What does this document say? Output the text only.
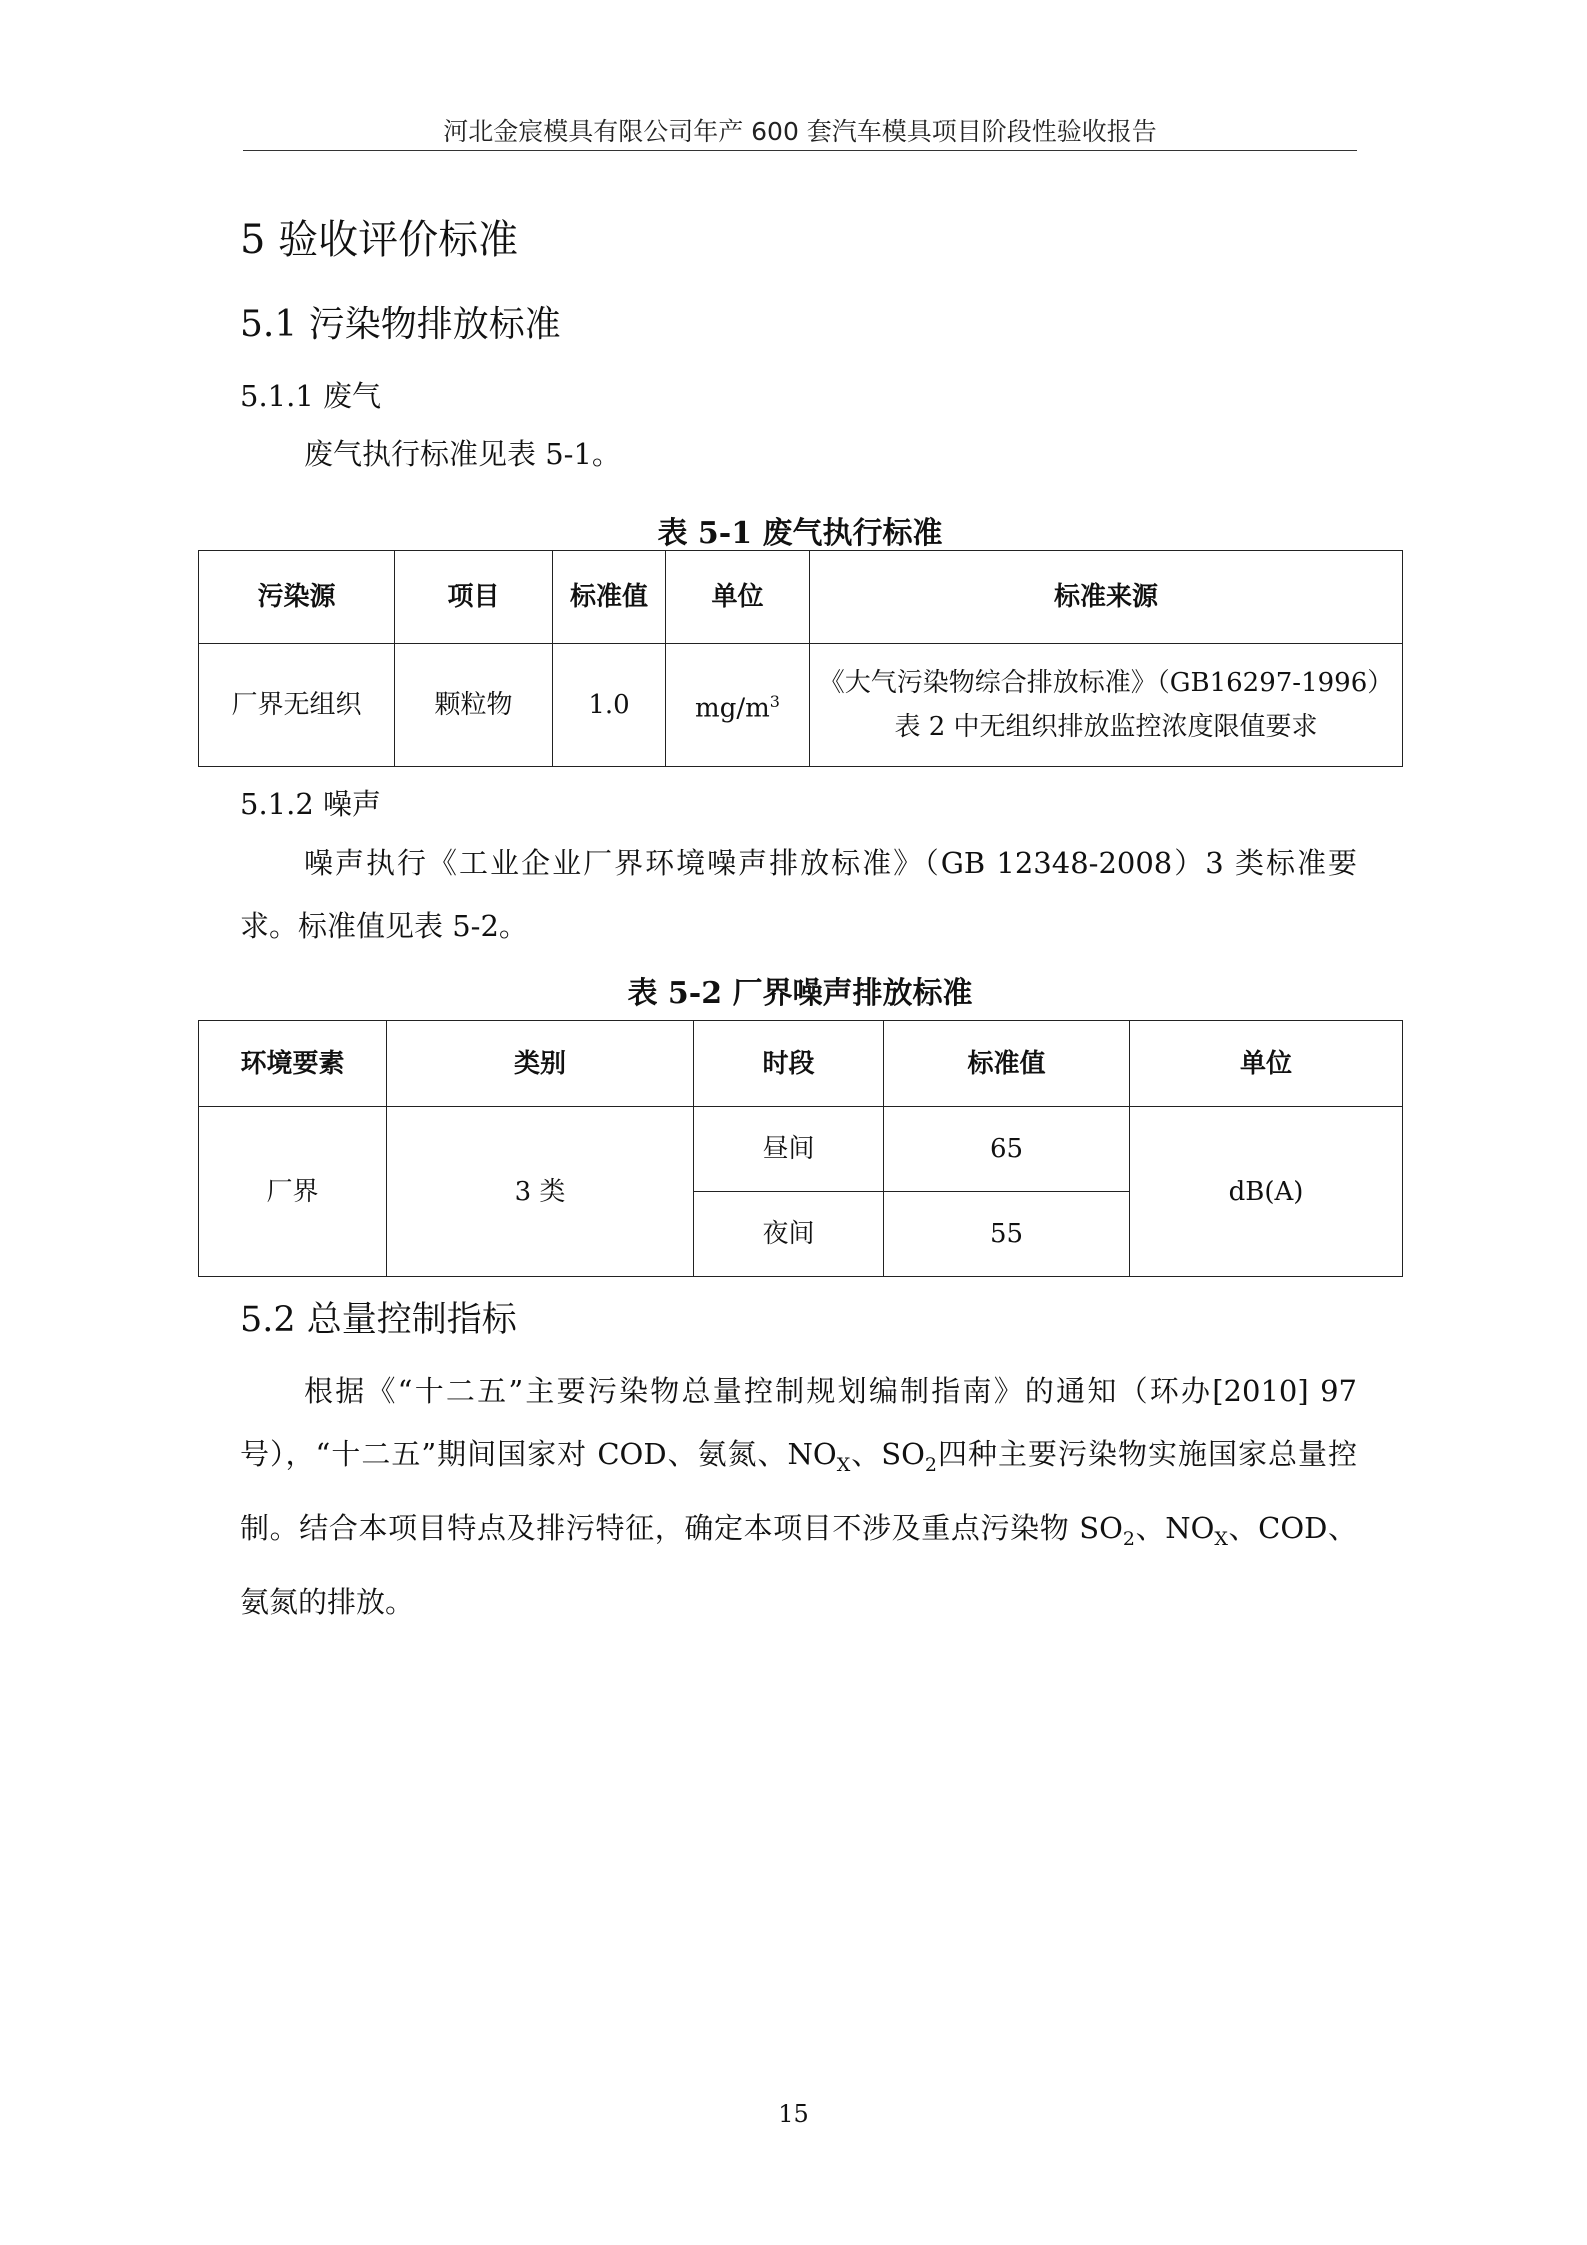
河北金宸模具有限公司年产 600 套汽车模具项目阶段性验收报告
5 验收评价标准
5.1 污染物排放标准
5.1.1 废气

废气执行标准见表 5-1。

表 5-1 废气执行标准
污染源	项目	标准值	单位	标准来源
厂界无组织	颗粒物	1.0	$mg/m^3$	《大气污染物综合排放标准》（GB16297-1996）
表 2 中无组织排放监控浓度限值要求
5.1.2 噪声

噪声执行《工业企业厂界环境噪声排放标准》（GB 12348-2008）3 类标准要求。标准值见表 5-2。

表 5-2 厂界噪声排放标准
环境要素	类别	时段	标准值	单位
厂界	3 类	昼间	65	dB(A)
		夜间	55	
5.2 总量控制指标

根据《“十二五”主要污染物总量控制规划编制指南》的通知（环办[2010] 97 号），“十二五”期间国家对 COD、氨氮、$NO_X$、$SO_2$四种主要污染物实施国家总量控制。结合本项目特点及排污特征，确定本项目不涉及重点污染物 $SO_2$、$NO_X$、COD、氨氮的排放。

15
